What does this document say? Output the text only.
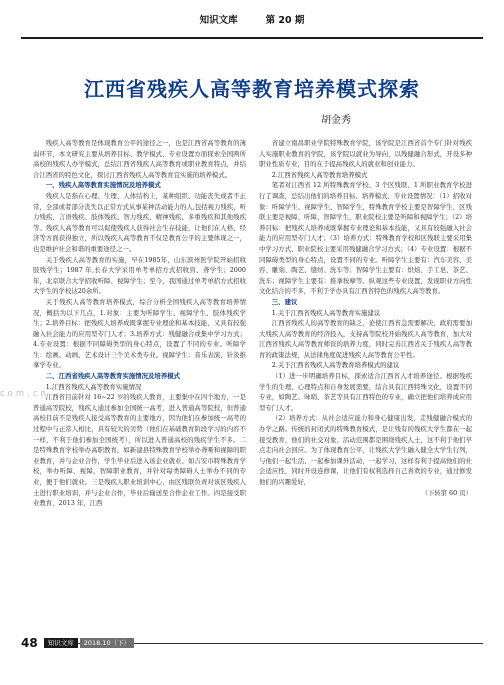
知识文库	第 20 期
江西省残疾人高等教育培养模式探索
胡金秀

残疾人高等教育是体现教育公平的途径之一，也是江西省高等教育的薄弱环节，本文研究主要从培养目标、教学模式、专业设置方面探索全国两所高校的残疾人办学模式，总结江西省残疾人高等教育或职业教育特点，并结合江西省的特色文化，探讨江西省残疾人高等教育宜实施的培养模式。

一、残疾人高等教育实施情况及培养模式

残疾人是指在心理、生理、人体结构上，某种组织、功能丧失或者不正常，全部或者部分丧失以正常方式从事某种活动能力的人,包括视力残疾、听力残疾、言语残疾、肢体残疾、智力残疾、精神残疾、多重残疾和其他残疾等。残疾人高等教育可以促使残疾人获得社会生存技能，让他们在人格、经济等方面获得独立，所以残疾人高等教育不仅是教育公平的主要体现之一，也是维护社会和谐的重要途径之一。

关于残疾人高等教育的实施，早在1985年，山东滨州医学院开始招收肢残学生；1987 年,长春大学采用单考单招方式招收盲、聋学生；2000年，北京联合大学招收听障、视障学生；至今，我国通过单考单招方式招收大学生的学校达20余所。

关于残疾人高等教育培养模式，综合分析全国残疾人高等教育培养情况，概括为以下几点，1.对象：主要为听障学生、视障学生、肢体残疾学生；2.培养目标：把残疾人培养成既掌握专业理论和基本技能，又具有较强融入社会能力的应用型专门人才；3.培养方式：残健融合或集中学习方式；4.专业设置：根据不同障碍类型的身心特点，设置了不同的专业。听障学生：绘画、动画、艺术设计三个美术类专业。视障学生：音乐表演、针灸推拿学专业。

二、江西省残疾人高等教育实施情况及培养模式

1.江西省残疾人高等教育实施情况

江西省目前针对 16~22 岁的残疾人教育，主要集中在四个地方，一是普通高等院校，残疾人通过参加全国统一高考，进入普通高等院校，但普通高校目前不是残疾人接受高等教育的主要地方，因为他们在参加统一高考的过程中与正常人相比，具有较大的劣势（他们在基础教育阶段学习的内容不一样，不利于他们参加全国统考），所以进入普通高校的残疾学生不多。二是特殊教育学校举办高职教育，如新建县特殊教育学校举办聋哑和视障的职业教育，并与企业合作，学生毕业后进入该企业就业。如吉安市特殊教育学校，举办听障、视障、智障职业教育，并针对每类障碍人士举办不同的专业，便于他们就业。三是残疾人职业培训中心，由区残联负责对该区残疾人士进行职业培训，并与企业合作，毕业后输送至合作企业工作。四是接受职业教育，2013 年，江西

省建立南昌职业学院特殊教育学院，该学院是江西省首个专门针对残疾人实施职业教育的学院，该学院以就业为导向，以残健融合形式，开设多种职业性质专业，目的在于提高残疾人的就业和创业能力。

2.江西省残疾人高等教育培养模式

笔者对江西省 12 所特殊教育学校、3 个区残联、1 所职业教育学校进行了调查，总结出他们的培养目标、培养模式、专业设置情况：（1）招收对象：听障学生、视障学生、智障学生，特殊教育学校主要是智障学生，区残联主要是视障、听障、智障学生，职业院校主要是听障和视障学生；（2）培养目标：把残疾人培养成既掌握专业理论和基本技能，又具有较强融入社会能力的应用型专门人才；（3）培养方式：特殊教育学校和区残联主要采用集中学习方式，职业院校主要采用残健融合学习方式；（4）专业设置：根据不同障碍类型的身心特点，设置不同的专业。听障学生主要有：汽车美容、美容、雕刻、陶艺、缝纫、洗车等；智障学生主要有：烘焙、手工皂、茶艺、洗车；视障学生主要有：推拿按摩等。纵观这些专业设置，发现职业方向性文化结合的不多，不利于学办具有江西省特色的残疾人高等教育。

三、建议

1.关于江西省残疾人高等教育实施建议

江西省残疾人的高等教育的缺乏，论使江西省急需要解决，政府需要加大残疾人高等教育的经济投入，支持高等院校开始残疾人高等教育，加大对江西省残疾人高等教育师资的培养力度，同时完善江西省关于残疾人高等教育的政策法规，从法律角度促进残疾人高等教育公平性。

2.关于江西省残疾人高等教育培养模式的建议

（1）进一步明确培养目标，探索适合江西省人才培养途径。根据残疾学生的生理、心理特点和自身发展需要，结合具有江西特殊文化，设置不同专业，如陶艺、咏哨、茶艺等具有江西特色的专业，确立把他们培养成应用型专门人才。

（2）培养方式：从社会适应能力和身心健康出发，走残健融合模式的办学之路。传统的封闭式的特殊教育模式，是让残有的残疾大学生都在一起接受教育，他们的社交对象、活动范围都是围绕残疾人士，这不利于他们早点走向社会回应。为了体现教育公平，让残疾大学生融入健全大学生行列，与他们一起生活、一起参加课外活动，一起学习，这样有利于提高他们的社会适应性，同时开设连修课，让他们有权利选择自己喜欢的专业，通过修发他们的兴趣爱好，

（下转第 60 页）

com.cn
48	知识文库	2018.10（下）
